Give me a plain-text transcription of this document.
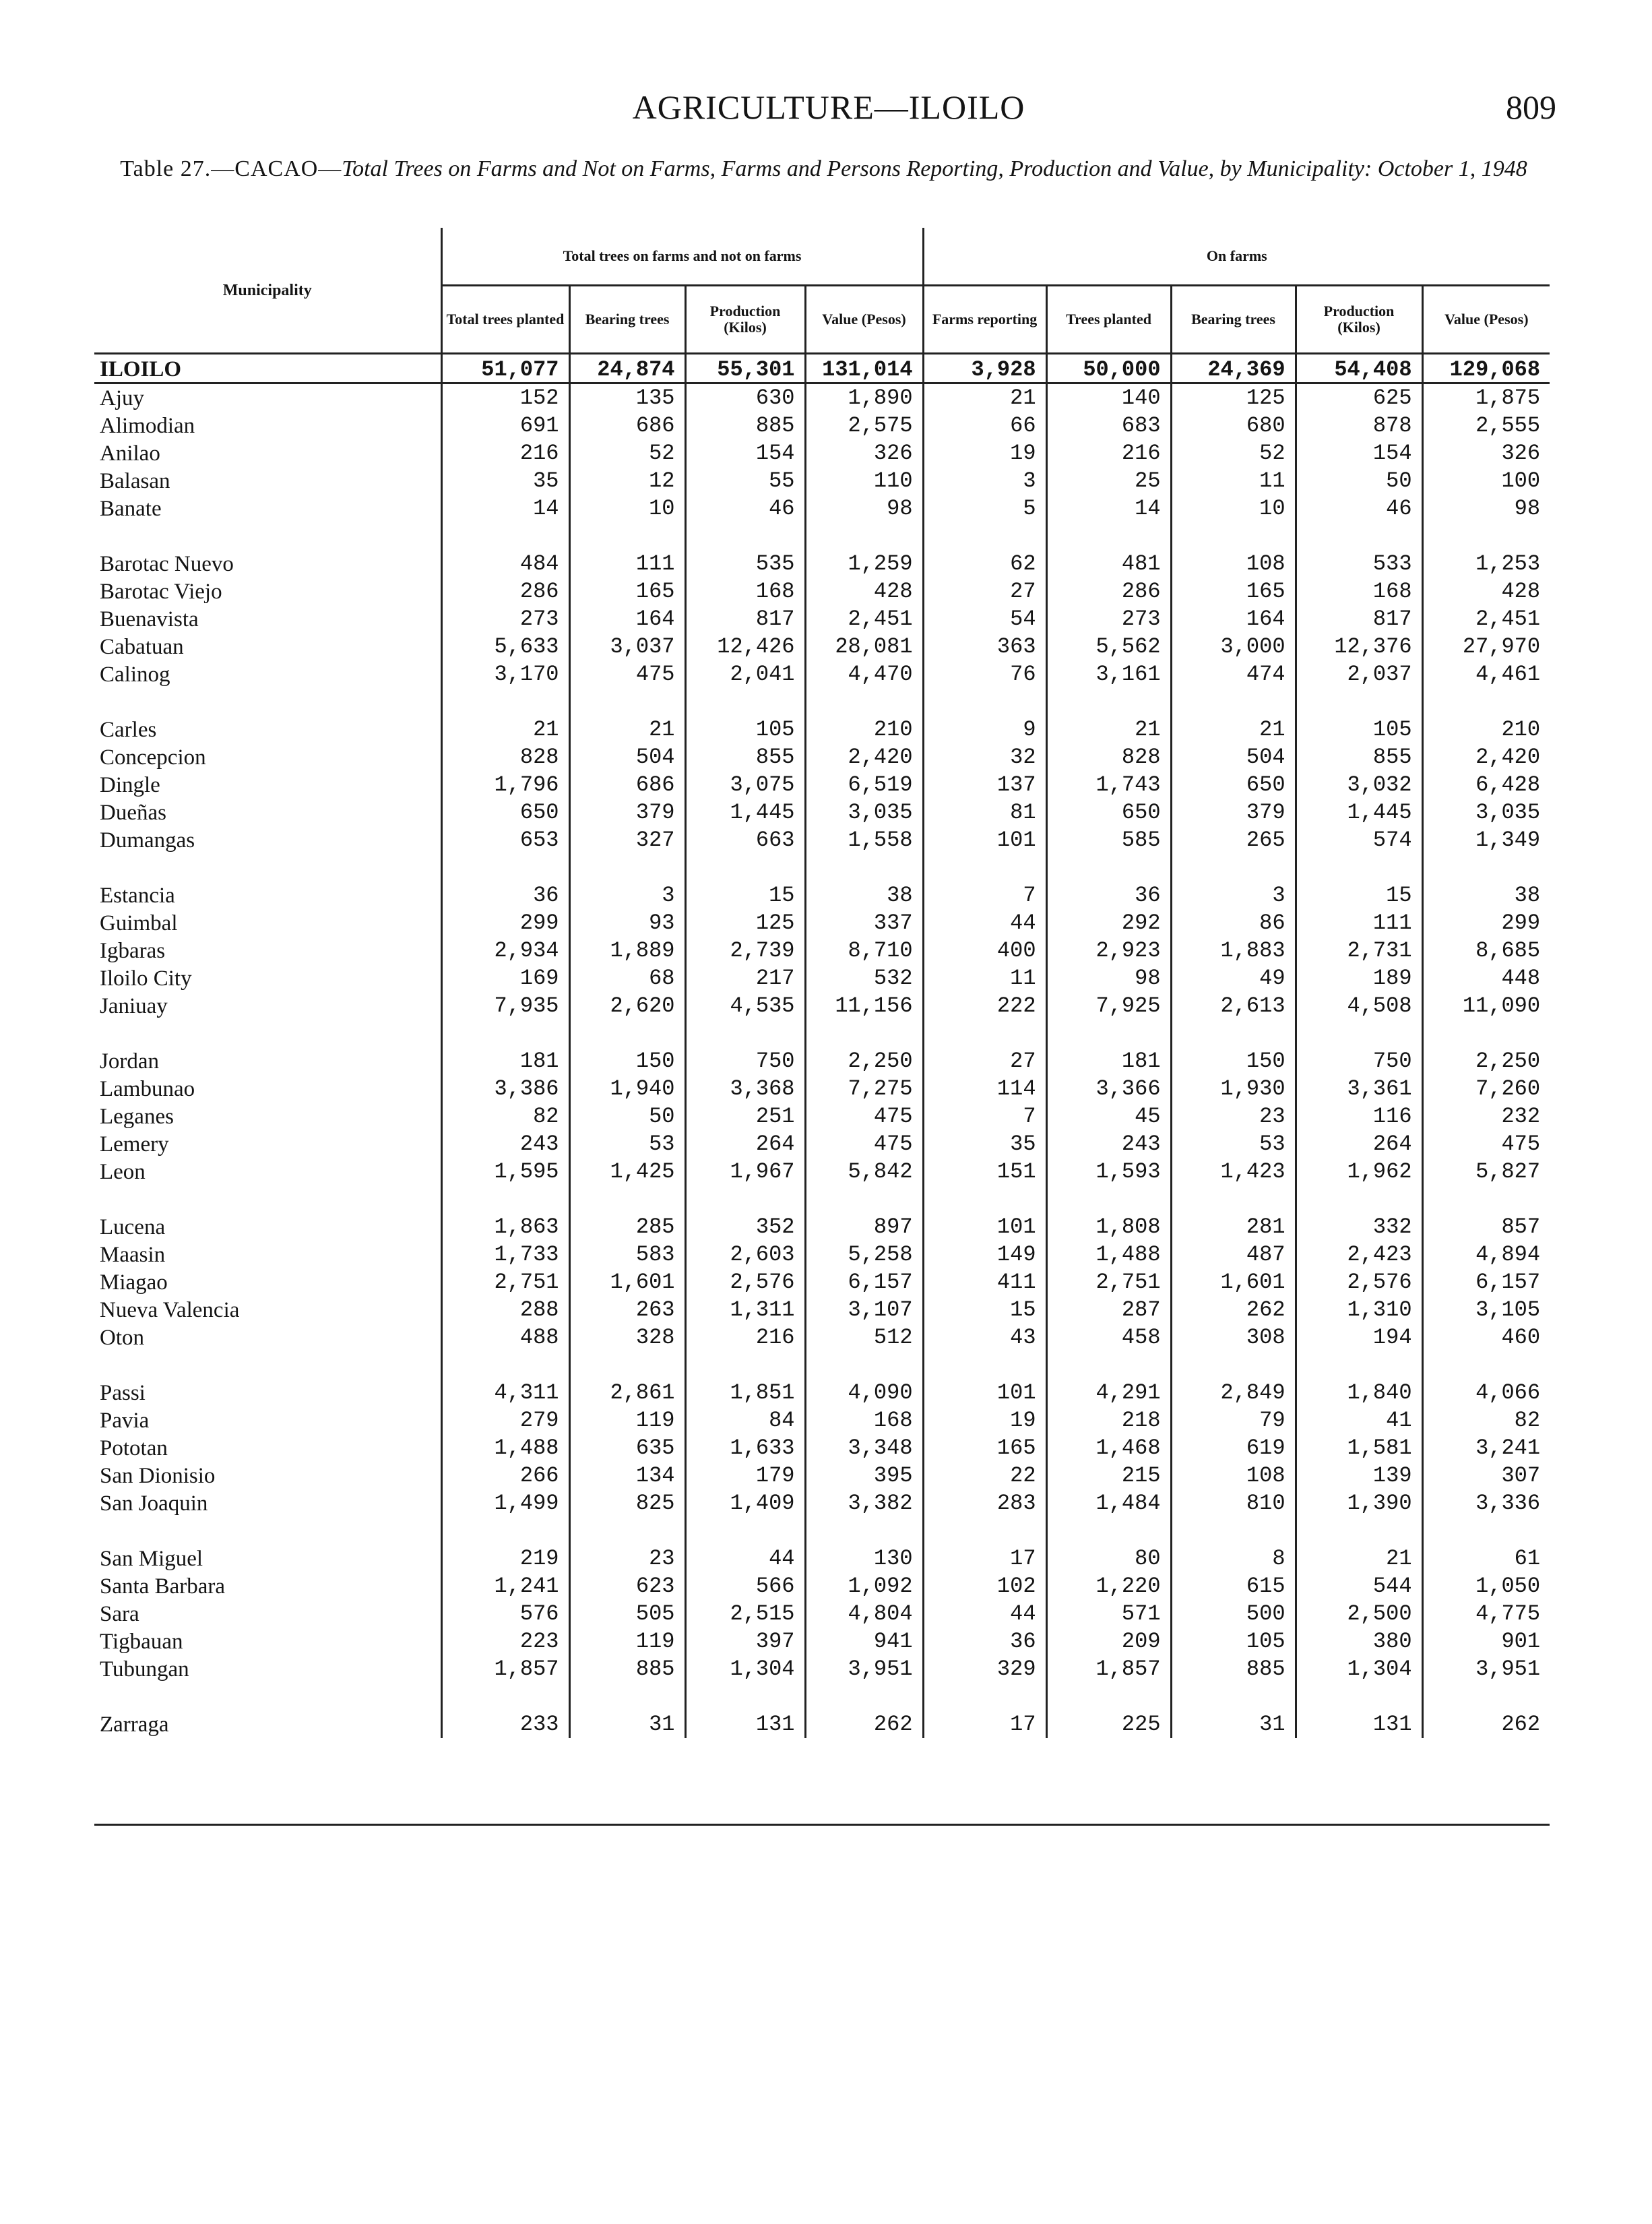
AGRICULTURE—ILOILO	809
Table 27.—CACAO—Total Trees on Farms and Not on Farms, Farms and Persons Reporting, Production and Value, by Municipality: October 1, 1948
Municipality	Total trees on farms and not on farms				On farms				
	Total trees planted	Bearing trees	Production (Kilos)	Value (Pesos)	Farms reporting	Trees planted	Bearing trees	Production (Kilos)	Value (Pesos)
ILOILO	51,077	24,874	55,301	131,014	3,928	50,000	24,369	54,408	129,068
Ajuy	152	135	630	1,890	21	140	125	625	1,875
Alimodian	691	686	885	2,575	66	683	680	878	2,555
Anilao	216	52	154	326	19	216	52	154	326
Balasan	35	12	55	110	3	25	11	50	100
Banate	14	10	46	98	5	14	10	46	98

Barotac Nuevo	484	111	535	1,259	62	481	108	533	1,253
Barotac Viejo	286	165	168	428	27	286	165	168	428
Buenavista	273	164	817	2,451	54	273	164	817	2,451
Cabatuan	5,633	3,037	12,426	28,081	363	5,562	3,000	12,376	27,970
Calinog	3,170	475	2,041	4,470	76	3,161	474	2,037	4,461

Carles	21	21	105	210	9	21	21	105	210
Concepcion	828	504	855	2,420	32	828	504	855	2,420
Dingle	1,796	686	3,075	6,519	137	1,743	650	3,032	6,428
Dueñas	650	379	1,445	3,035	81	650	379	1,445	3,035
Dumangas	653	327	663	1,558	101	585	265	574	1,349

Estancia	36	3	15	38	7	36	3	15	38
Guimbal	299	93	125	337	44	292	86	111	299
Igbaras	2,934	1,889	2,739	8,710	400	2,923	1,883	2,731	8,685
Iloilo City	169	68	217	532	11	98	49	189	448
Janiuay	7,935	2,620	4,535	11,156	222	7,925	2,613	4,508	11,090

Jordan	181	150	750	2,250	27	181	150	750	2,250
Lambunao	3,386	1,940	3,368	7,275	114	3,366	1,930	3,361	7,260
Leganes	82	50	251	475	7	45	23	116	232
Lemery	243	53	264	475	35	243	53	264	475
Leon	1,595	1,425	1,967	5,842	151	1,593	1,423	1,962	5,827

Lucena	1,863	285	352	897	101	1,808	281	332	857
Maasin	1,733	583	2,603	5,258	149	1,488	487	2,423	4,894
Miagao	2,751	1,601	2,576	6,157	411	2,751	1,601	2,576	6,157
Nueva Valencia	288	263	1,311	3,107	15	287	262	1,310	3,105
Oton	488	328	216	512	43	458	308	194	460

Passi	4,311	2,861	1,851	4,090	101	4,291	2,849	1,840	4,066
Pavia	279	119	84	168	19	218	79	41	82
Pototan	1,488	635	1,633	3,348	165	1,468	619	1,581	3,241
San Dionisio	266	134	179	395	22	215	108	139	307
San Joaquin	1,499	825	1,409	3,382	283	1,484	810	1,390	3,336

San Miguel	219	23	44	130	17	80	8	21	61
Santa Barbara	1,241	623	566	1,092	102	1,220	615	544	1,050
Sara	576	505	2,515	4,804	44	571	500	2,500	4,775
Tigbauan	223	119	397	941	36	209	105	380	901
Tubungan	1,857	885	1,304	3,951	329	1,857	885	1,304	3,951

Zarraga	233	31	131	262	17	225	31	131	262
